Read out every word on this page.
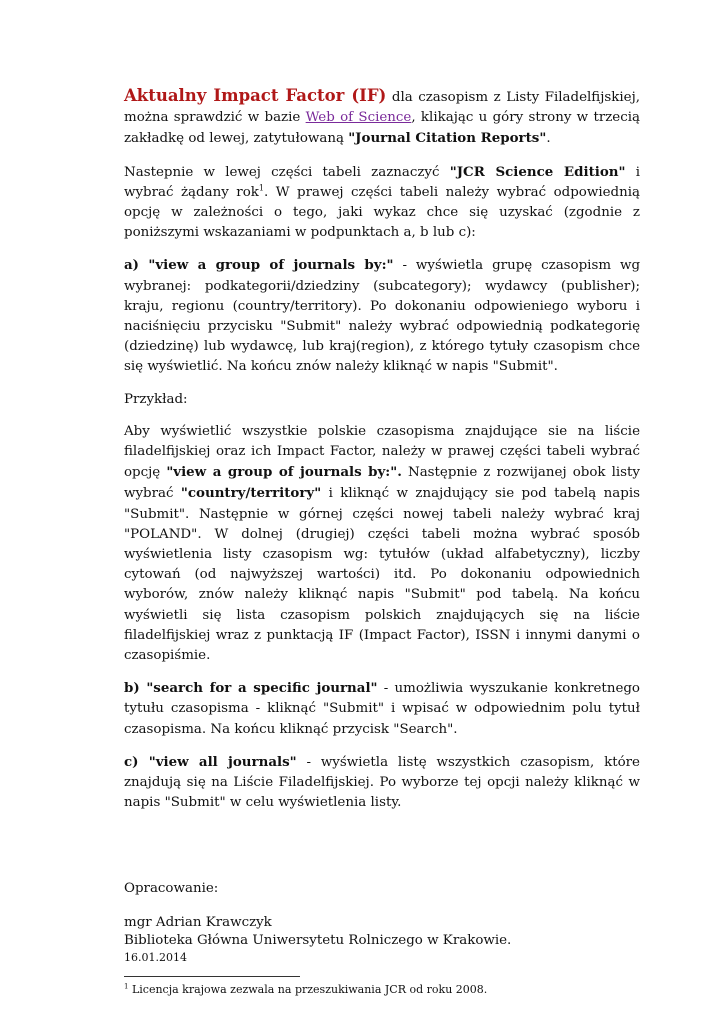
Aktualny Impact Factor (IF) dla czasopism z Listy Filadelfijskiej, można sprawdzić w bazie Web of Science, klikając u góry strony w trzecią zakładkę od lewej, zatytułowaną "Journal Citation Reports".

Nastepnie w lewej części tabeli zaznaczyć "JCR Science Edition" i wybrać żądany rok$^1$. W prawej części tabeli należy wybrać odpowiednią opcję w zależności o tego, jaki wykaz chce się uzyskać (zgodnie z poniższymi wskazaniami w podpunktach a, b lub c):

a) "view a group of journals by:" - wyświetla grupę czasopism wg wybranej: podkategorii/dziedziny (subcategory); wydawcy (publisher); kraju, regionu (country/territory). Po dokonaniu odpowieniego wyboru i naciśnięciu przycisku "Submit" należy wybrać odpowiednią podkategorię (dziedzinę) lub wydawcę, lub kraj(region), z którego tytuły czasopism chce się wyświetlić. Na końcu znów należy kliknąć w napis "Submit".

Przykład:

Aby wyświetlić wszystkie polskie czasopisma znajdujące sie na liście filadelfijskiej oraz ich Impact Factor, należy w prawej części tabeli wybrać opcję "view a group of journals by:". Następnie z rozwijanej obok listy wybrać "country/territory" i kliknąć w znajdujący sie pod tabelą napis "Submit". Następnie w górnej części nowej tabeli należy wybrać kraj "POLAND". W dolnej (drugiej) części tabeli można wybrać sposób wyświetlenia listy czasopism wg: tytułów (układ alfabetyczny), liczby cytowań (od najwyższej wartości) itd. Po dokonaniu odpowiednich wyborów, znów należy kliknąć napis "Submit" pod tabelą. Na końcu wyświetli się lista czasopism polskich znajdujących się na liście filadelfijskiej wraz z punktacją IF (Impact Factor), ISSN i innymi danymi o czasopiśmie.

b) "search for a specific journal" - umożliwia wyszukanie konkretnego tytułu czasopisma - kliknąć "Submit" i wpisać w odpowiednim polu tytuł czasopisma. Na końcu kliknąć przycisk "Search".

c) "view all journals" - wyświetla listę wszystkich czasopism, które znajdują się na Liście Filadelfijskiej. Po wyborze tej opcji należy kliknąć w napis "Submit" w celu wyświetlenia listy.

Opracowanie:
mgr Adrian Krawczyk
Biblioteka Główna Uniwersytetu Rolniczego w Krakowie.
16.01.2014
$^1$ Licencja krajowa zezwala na przeszukiwania JCR od roku 2008.
